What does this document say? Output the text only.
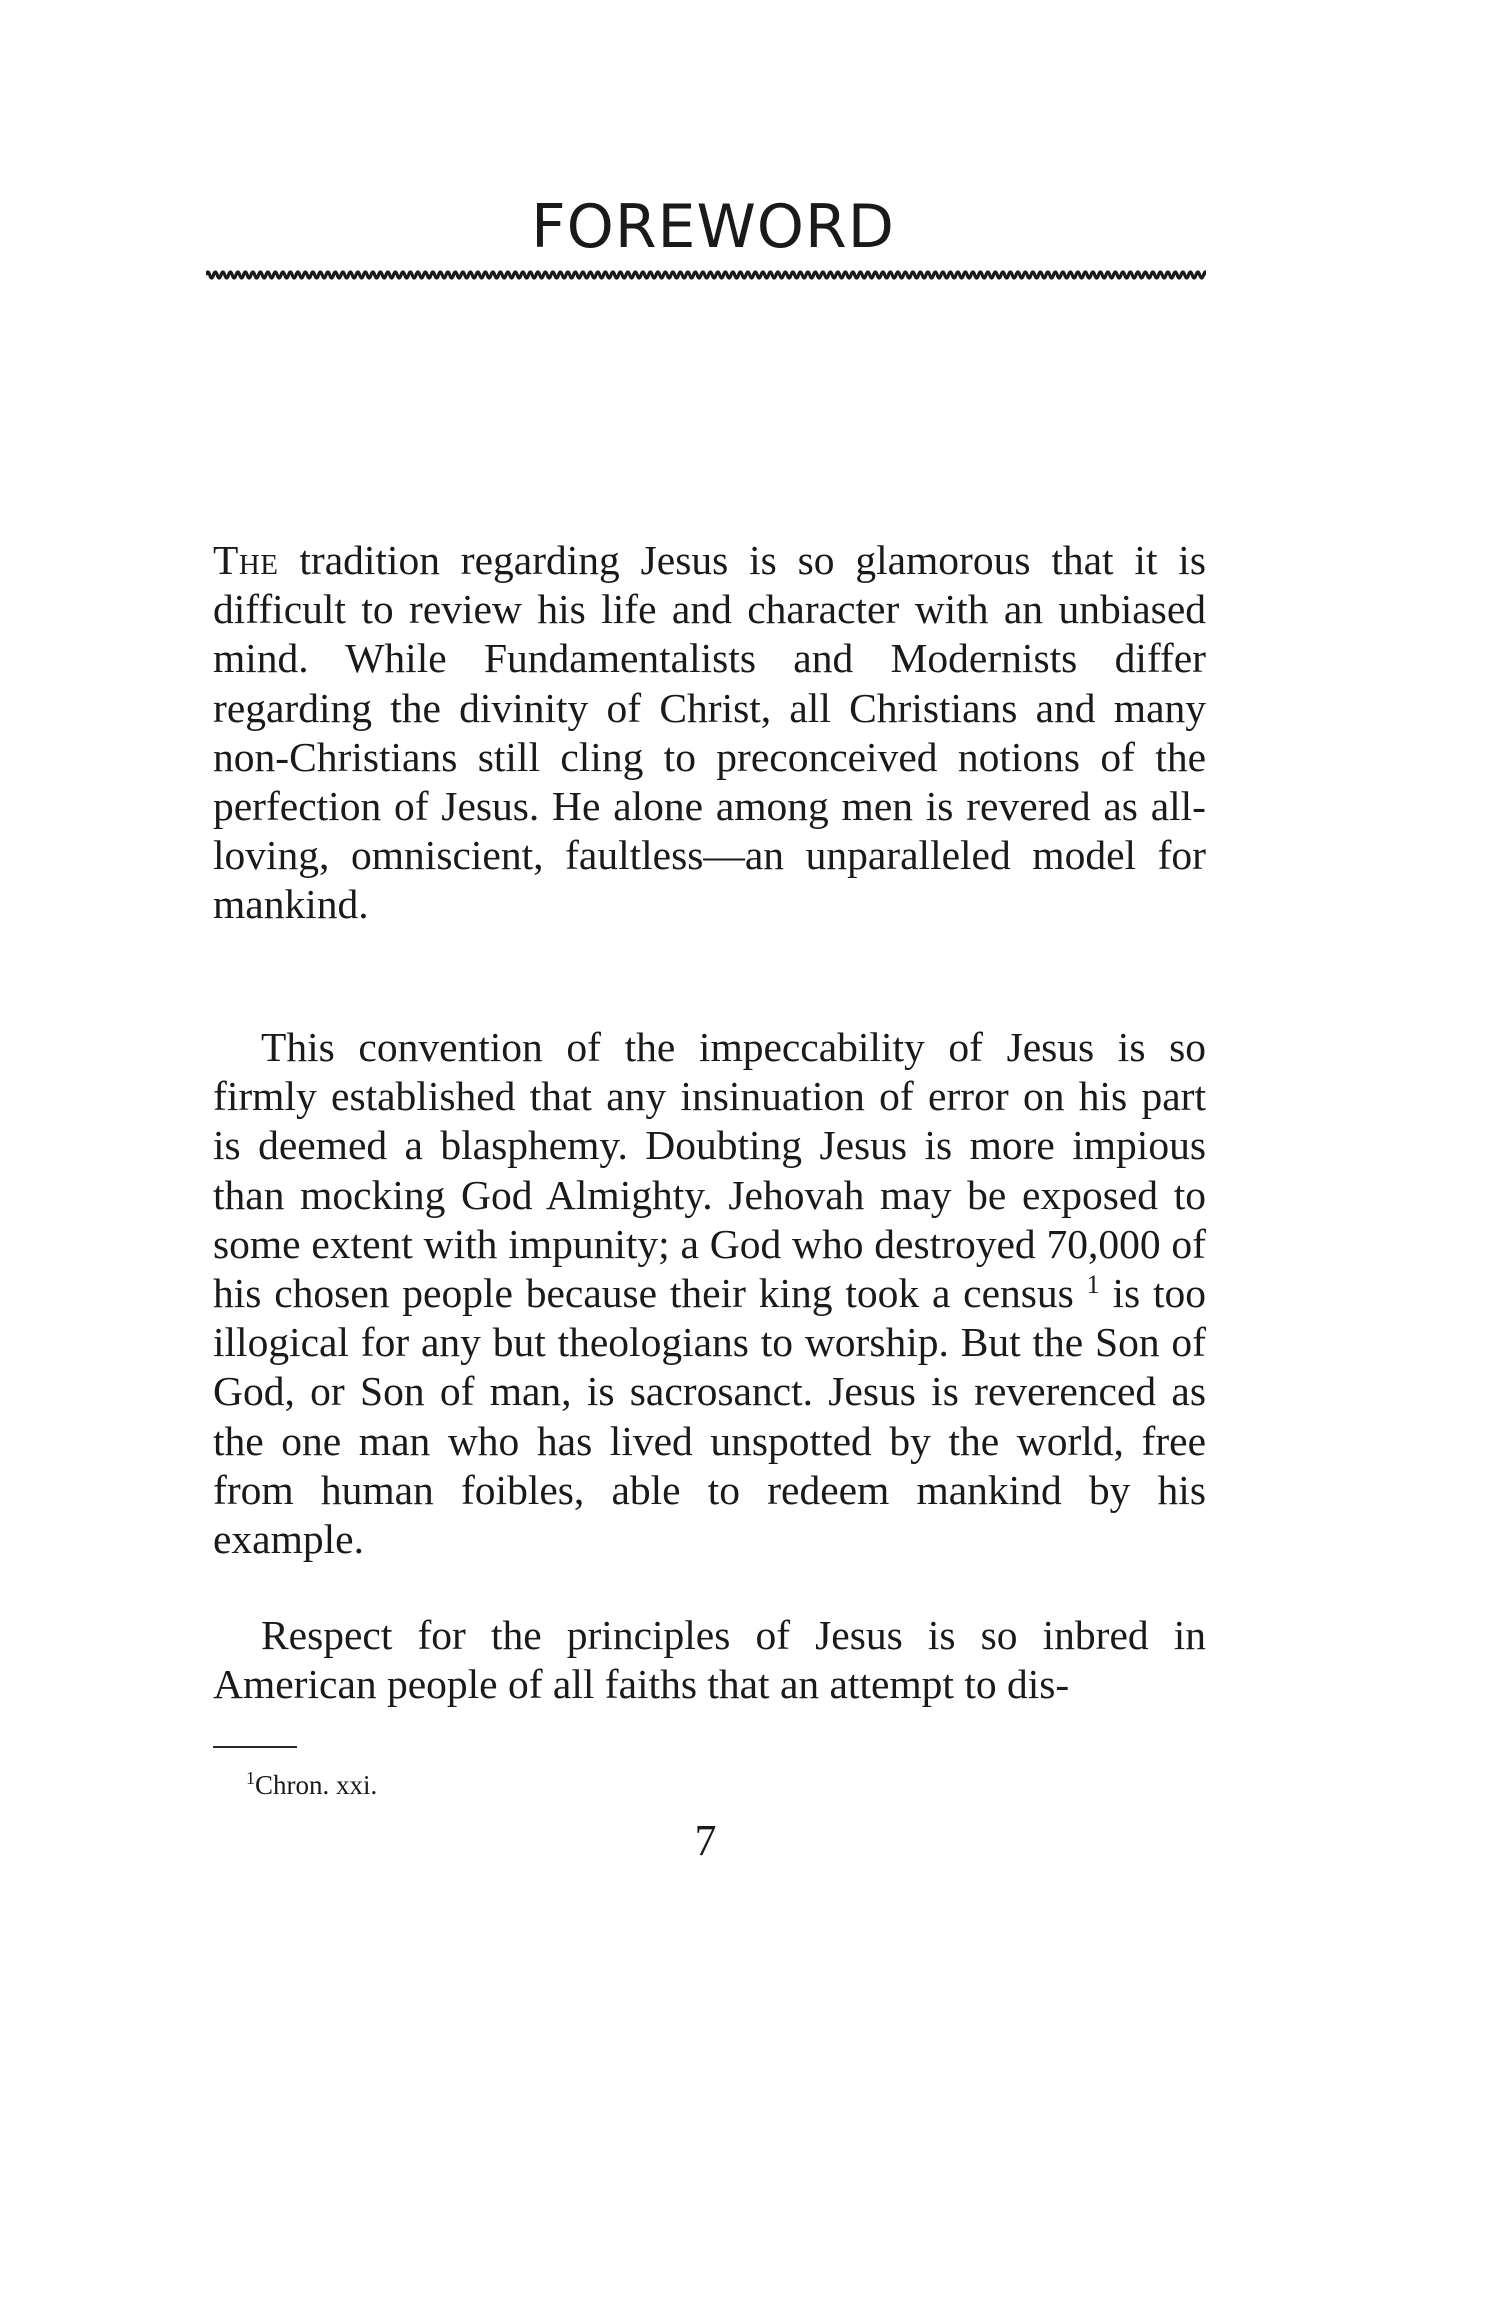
FOREWORD

The tradition regarding Jesus is so glamorous that it is difficult to review his life and character with an unbiased mind. While Fundamentalists and Modernists differ regarding the divinity of Christ, all Christians and many non-Christians still cling to preconceived notions of the perfection of Jesus. He alone among men is revered as all-loving, omniscient, faultless—an unparalleled model for mankind.

This convention of the impeccability of Jesus is so firmly established that any insinuation of error on his part is deemed a blasphemy. Doubting Jesus is more impious than mocking God Almighty. Jehovah may be exposed to some extent with impunity; a God who destroyed 70,000 of his chosen people because their king took a census $^1$ is too illogical for any but theologians to worship. But the Son of God, or Son of man, is sacrosanct. Jesus is reverenced as the one man who has lived unspotted by the world, free from human foibles, able to redeem mankind by his example.

Respect for the principles of Jesus is so inbred in American people of all faiths that an attempt to dis-

$^1$Chron. xxi.

7
